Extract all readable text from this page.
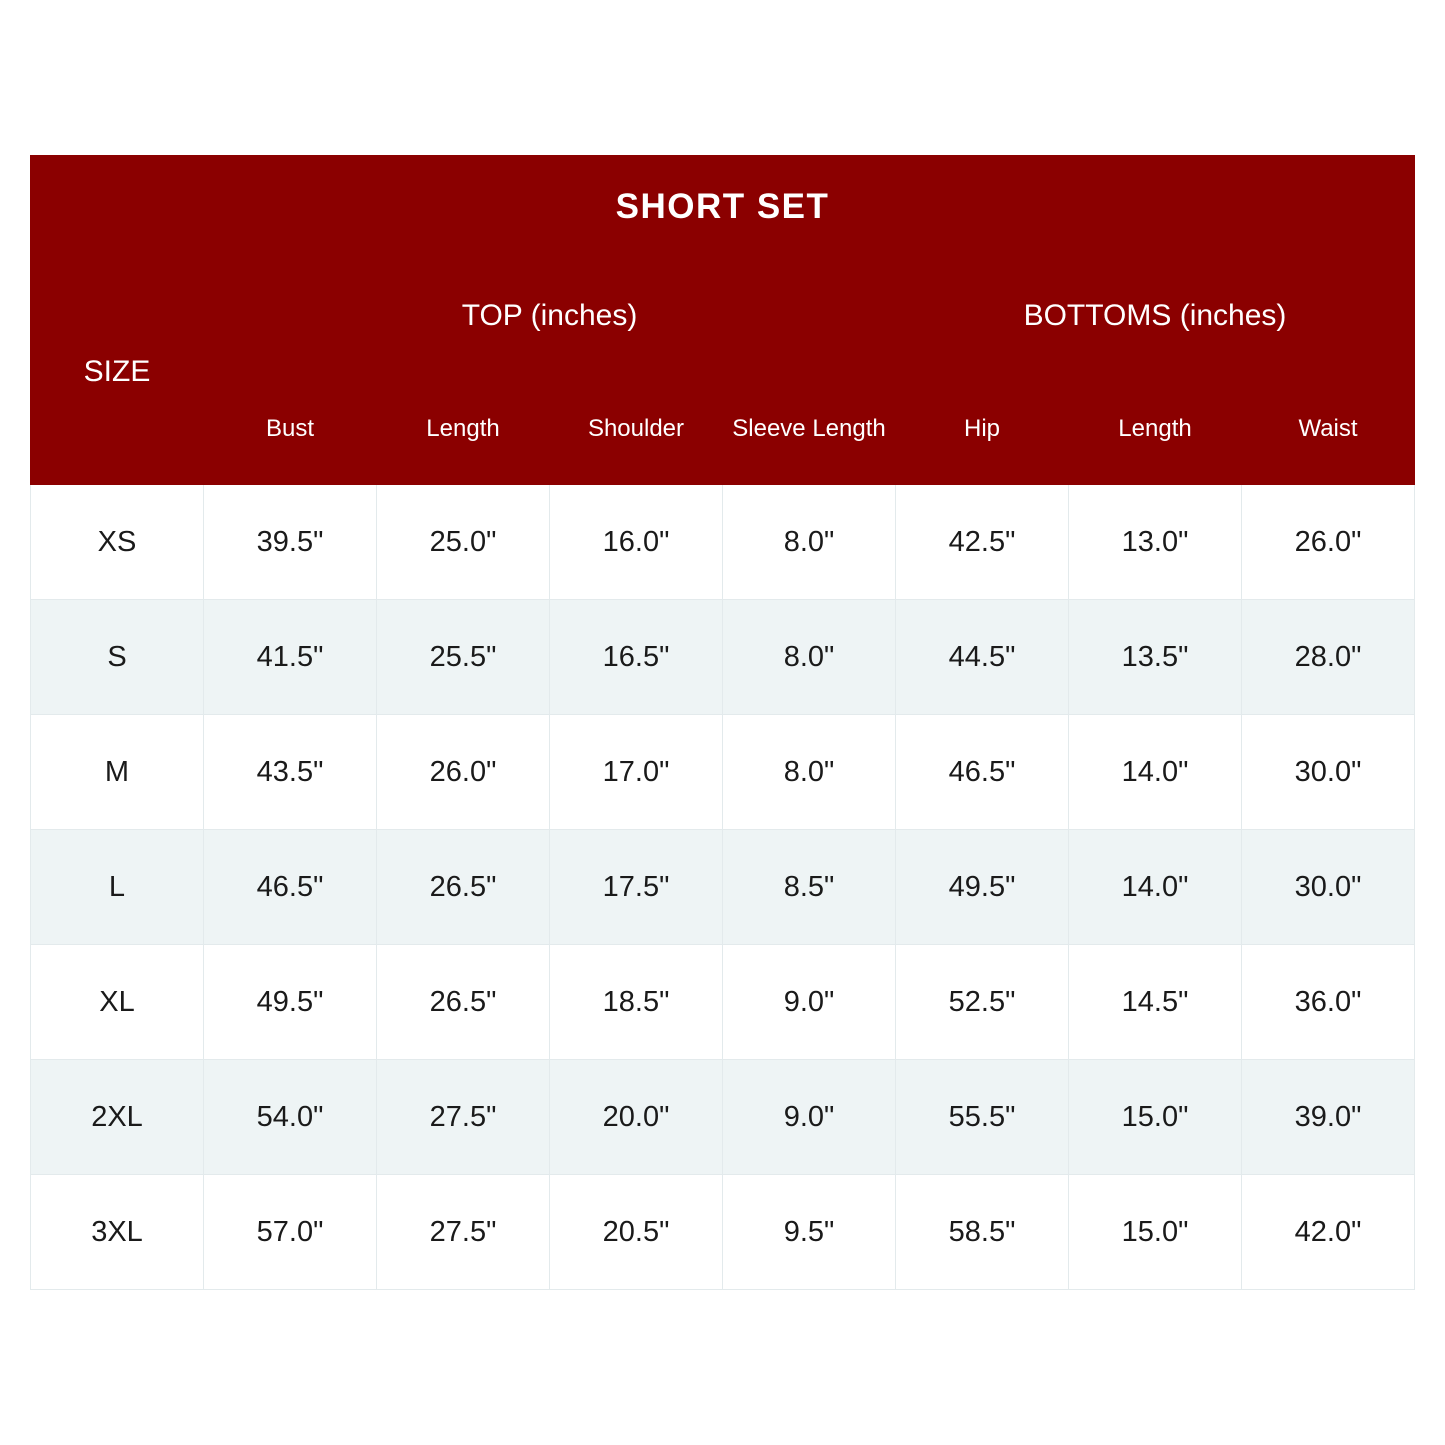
SHORT SET							
SIZE	TOP (inches)				BOTTOMS (inches)		
	Bust	Length	Shoulder	Sleeve Length	Hip	Length	Waist
XS	39.5"	25.0"	16.0"	8.0"	42.5"	13.0"	26.0"
S	41.5"	25.5"	16.5"	8.0"	44.5"	13.5"	28.0"
M	43.5"	26.0"	17.0"	8.0"	46.5"	14.0"	30.0"
L	46.5"	26.5"	17.5"	8.5"	49.5"	14.0"	30.0"
XL	49.5"	26.5"	18.5"	9.0"	52.5"	14.5"	36.0"
2XL	54.0"	27.5"	20.0"	9.0"	55.5"	15.0"	39.0"
3XL	57.0"	27.5"	20.5"	9.5"	58.5"	15.0"	42.0"
